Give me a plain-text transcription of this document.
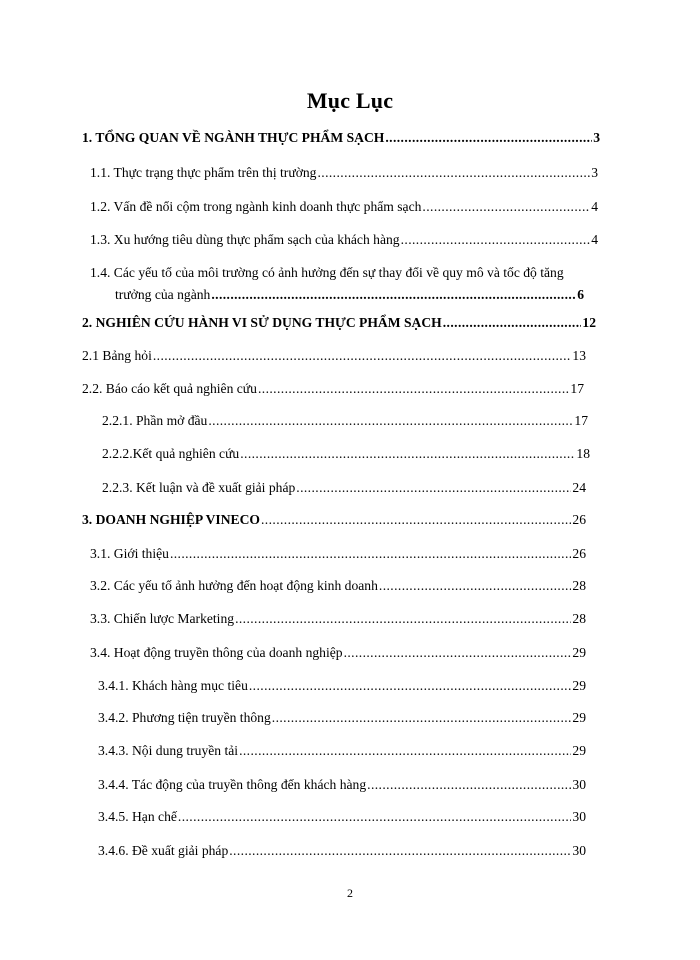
Mục Lục
1. TỔNG QUAN VỀ NGÀNH THỰC PHẨM SẠCH .....	3
1.1. Thực trạng thực phẩm trên thị trường .....	3
1.2. Vấn đề nổi cộm trong ngành kinh doanh thực phẩm sạch .....	4
1.3. Xu hướng tiêu dùng thực phẩm sạch của khách hàng .....	4
1.4. Các yếu tố của môi trường có ảnh hưởng đến sự thay đổi về quy mô và tốc độ tăng
trưởng của ngành .....	6
2. NGHIÊN CỨU HÀNH VI SỬ DỤNG THỰC PHẨM SẠCH .....	12
2.1 Bảng hỏi .....	13
2.2. Báo cáo kết quả nghiên cứu .....	17
2.2.1. Phần mở đầu .....	17
2.2.2.Kết quả nghiên cứu .....	18
2.2.3. Kết luận và đề xuất giải pháp .....	24
3. DOANH NGHIỆP VINECO .....	26
3.1. Giới thiệu .....	26
3.2. Các yếu tố ảnh hưởng đến hoạt động kinh doanh .....	28
3.3. Chiến lược Marketing .....	28
3.4. Hoạt động truyền thông của doanh nghiệp .....	29
3.4.1. Khách hàng mục tiêu .....	29
3.4.2. Phương tiện truyền thông .....	29
3.4.3. Nội dung truyền tải .....	29
3.4.4. Tác động của truyền thông đến khách hàng .....	30
3.4.5. Hạn chế .....	30
3.4.6. Đề xuất giải pháp .....	30
2
